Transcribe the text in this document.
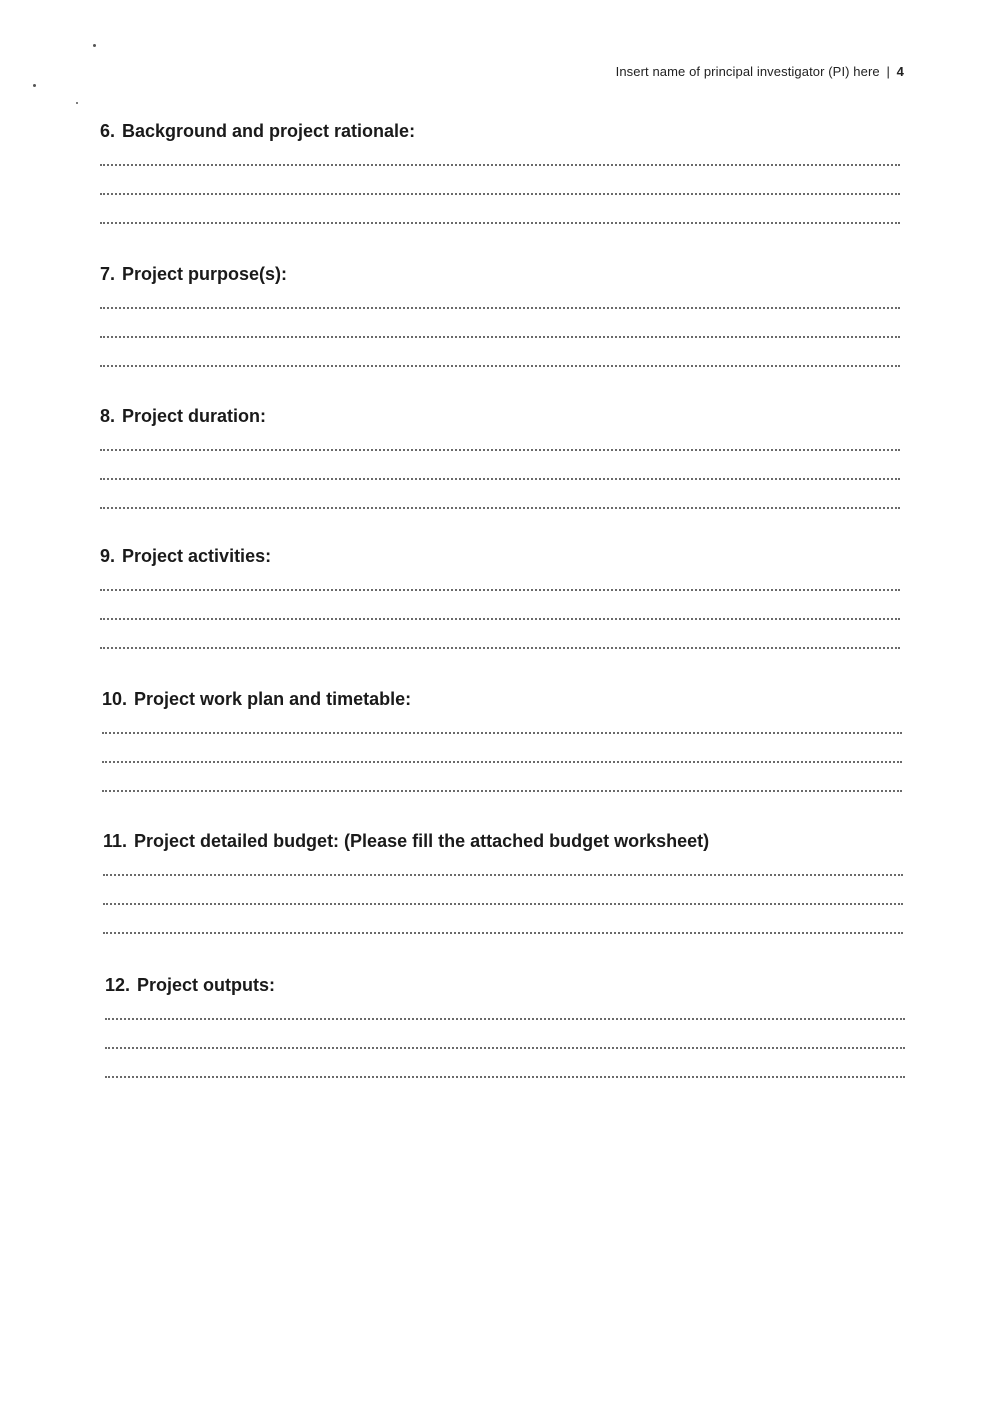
Insert name of principal investigator (PI) here | 4
6. Background and project rationale:
7. Project purpose(s):
8. Project duration:
9. Project activities:
10. Project work plan and timetable:
11. Project detailed budget: (Please fill the attached budget worksheet)
12. Project outputs:
